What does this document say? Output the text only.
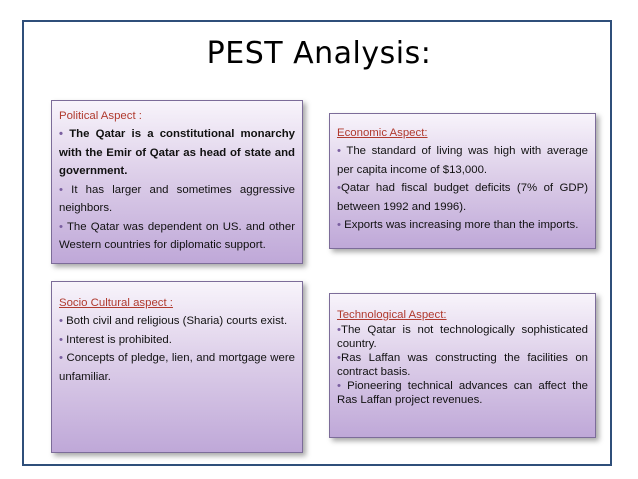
PEST Analysis:

Political Aspect :

• The Qatar is a constitutional monarchy with the Emir of Qatar as head of state and government.

• It has larger and sometimes aggressive neighbors.

• The Qatar was dependent on US. and other Western countries for diplomatic support.

Economic Aspect:

• The standard of living was high with average per capita income of $13,000.

•Qatar had fiscal budget deficits (7% of GDP) between 1992 and 1996).

• Exports was increasing more than the imports.

Socio Cultural aspect :

• Both civil and religious (Sharia) courts exist.

• Interest is prohibited.

• Concepts of pledge, lien, and mortgage were unfamiliar.

Technological Aspect:

•The Qatar is not technologically sophisticated country.

•Ras Laffan was constructing the facilities on contract basis.

• Pioneering technical advances can affect the Ras Laffan project revenues.
